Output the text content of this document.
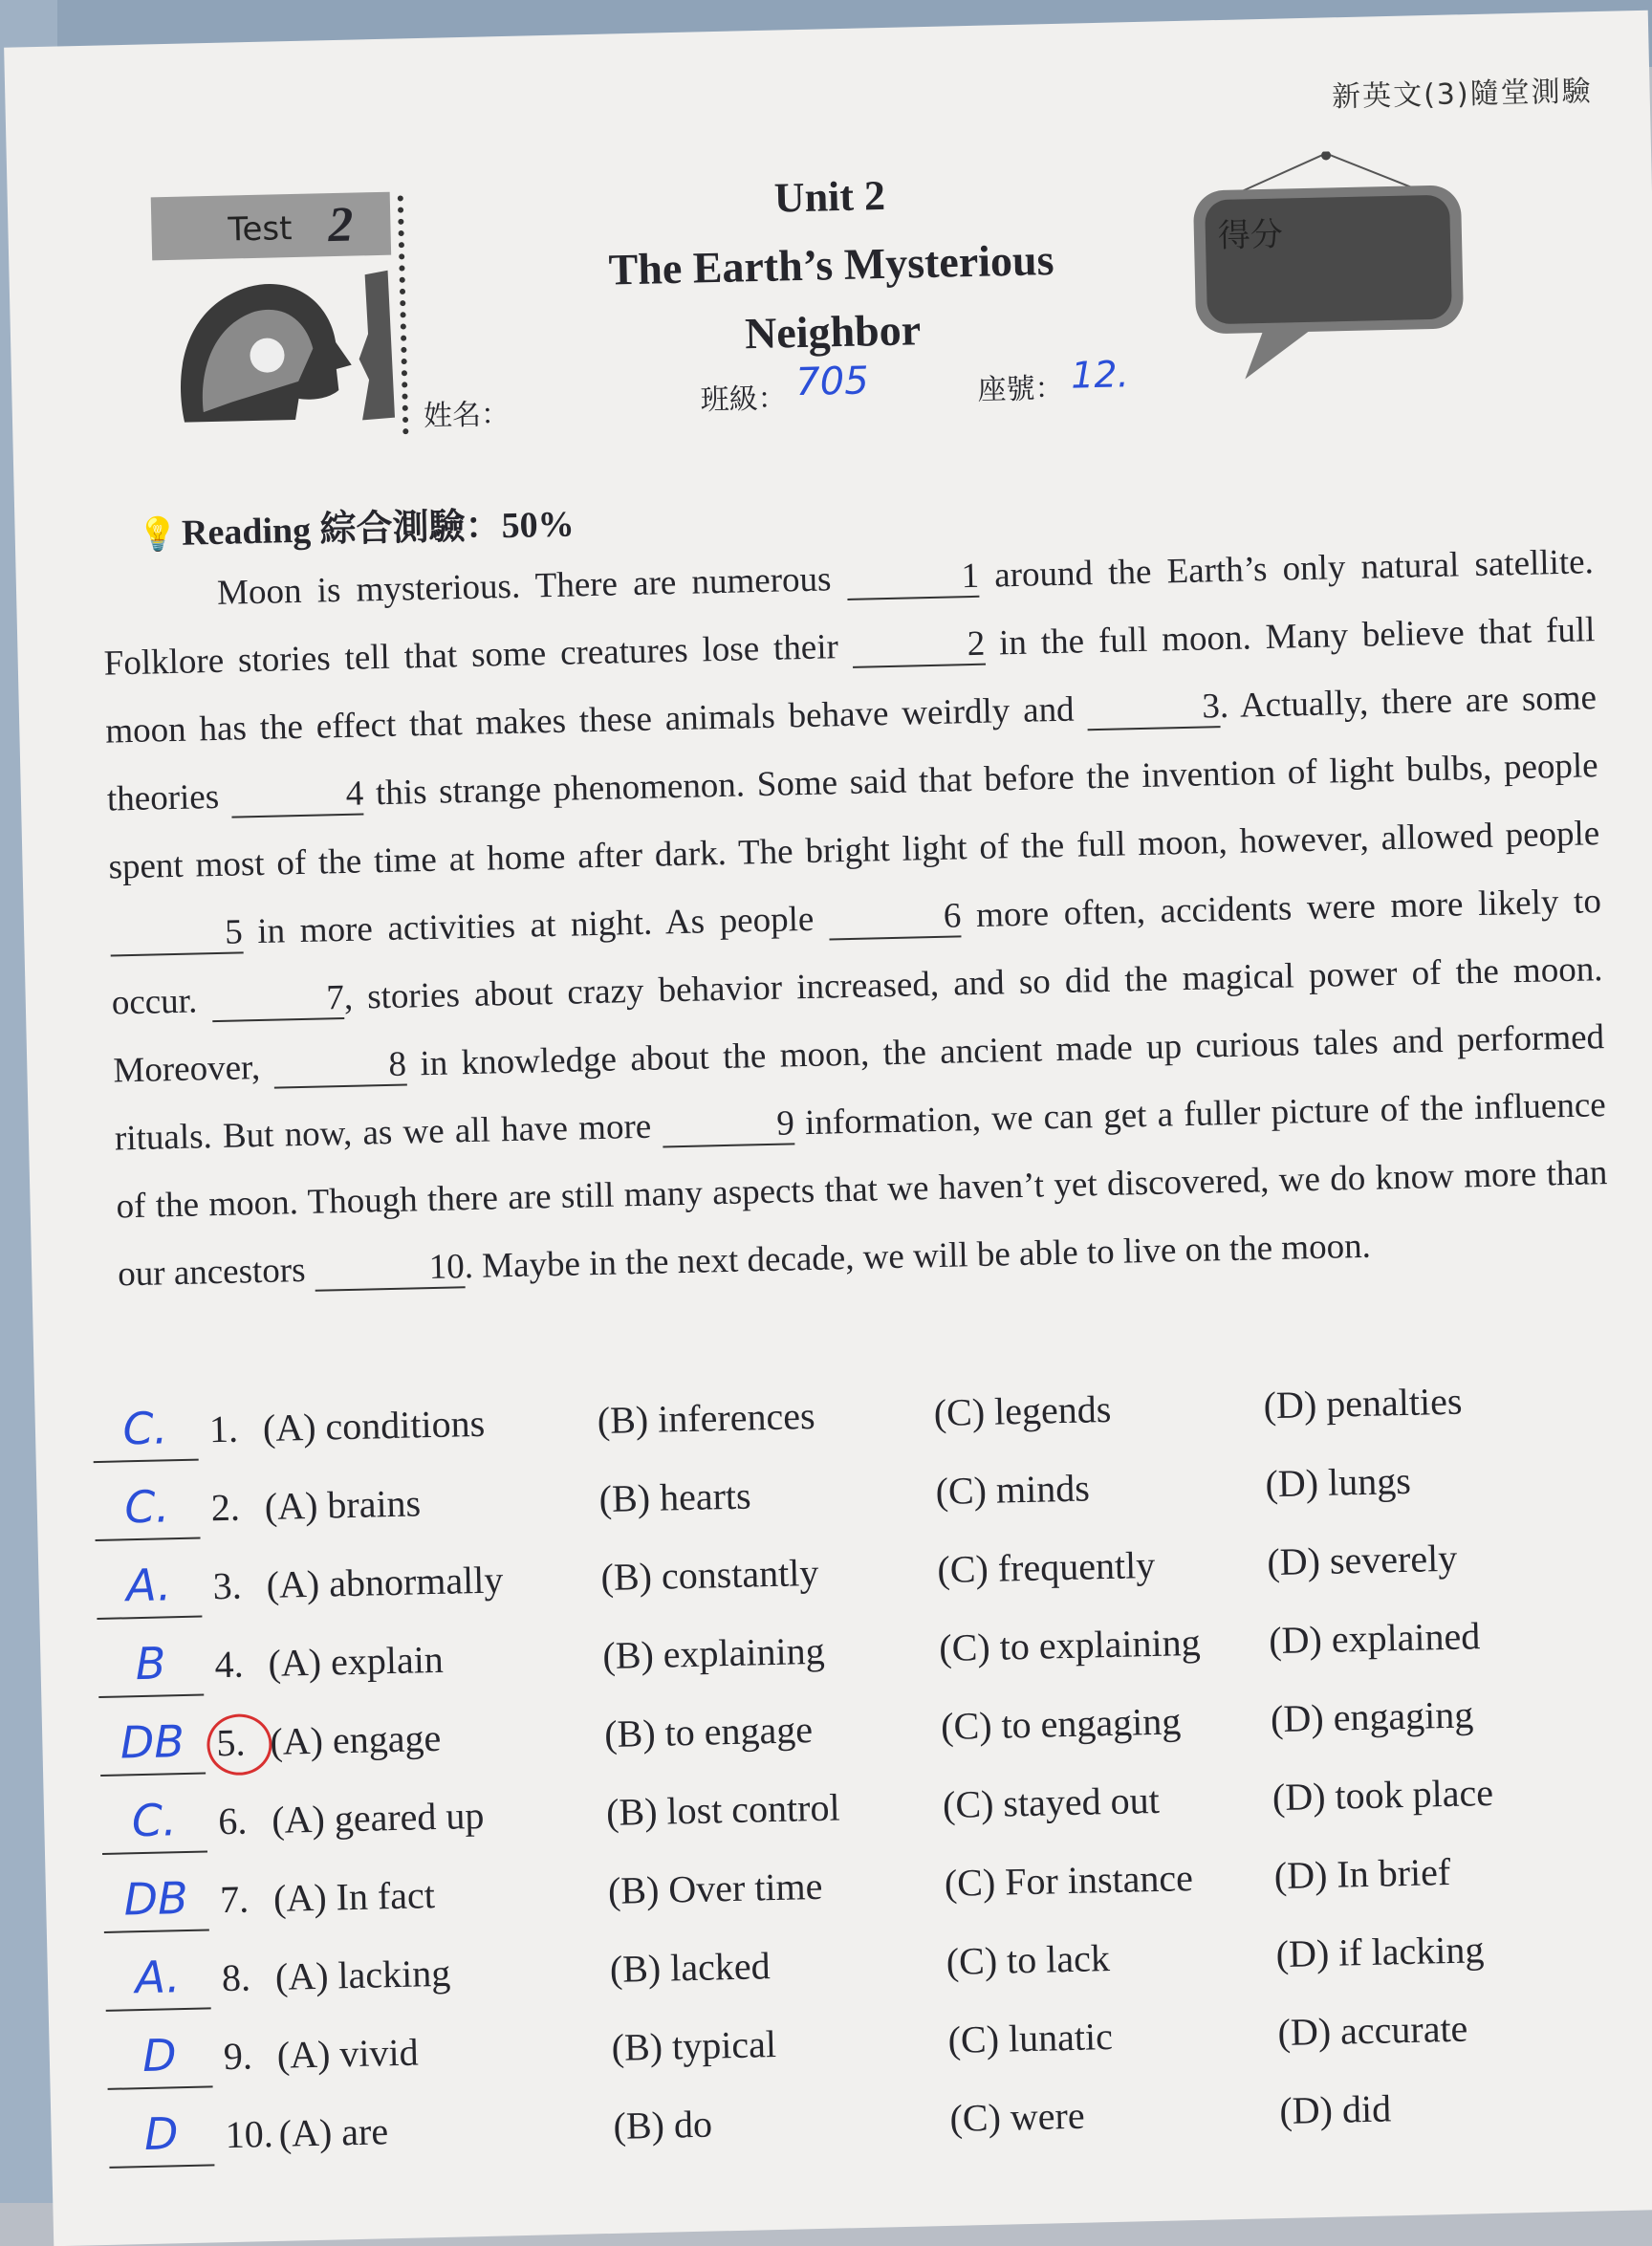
新英文(3)隨堂測驗
Test 2
姓名：
Unit 2
The Earth’s Mysterious
Neighbor
班級： 705	座號： 12.
得分
💡Reading 綜合測驗：50%

Moon is mysterious. There are numerous	1 around the Earth’s only natural satellite. Folklore stories tell that some creatures lose their	2 in the full moon. Many believe that full moon has the effect that makes these animals behave weirdly and	3. Actually, there are some theories	4 this strange phenomenon. Some said that before the invention of light bulbs, people spent most of the time at home after dark. The bright light of the full moon, however, allowed people 5 in more activities at night. As people	6 more often, accidents were more likely to occur.	7, stories about crazy behavior increased, and so did the magical power of the moon. Moreover,	8 in knowledge about the moon, the ancient made up curious tales and performed rituals. But now, as we all have more	9 information, we can get a fuller picture of the influence of the moon. Though there are still many aspects that we haven’t yet discovered, we do know more than our ancestors	10. Maybe in the next decade, we will be able to live on the moon.

C.	1. (A) conditions	(B) inferences	(C) legends	(D) penalties
C.	2. (A) brains	(B) hearts	(C) minds	(D) lungs
A.	3. (A) abnormally	(B) constantly	(C) frequently	(D) severely
B	4. (A) explain	(B) explaining	(C) to explaining (D) explained
DB 5. (A) engage	(B) to engage	(C) to engaging (D) engaging
C.	6. (A) geared up	(B) lost control	(C) stayed out	(D) took place
DB 7. (A) In fact	(B) Over time	(C) For instance (D) In brief
A.	8. (A) lacking	(B) lacked	(C) to lack	(D) if lacking
D	9. (A) vivid	(B) typical	(C) lunatic	(D) accurate
D	10. (A) are	(B) do	(C) were	(D) did
